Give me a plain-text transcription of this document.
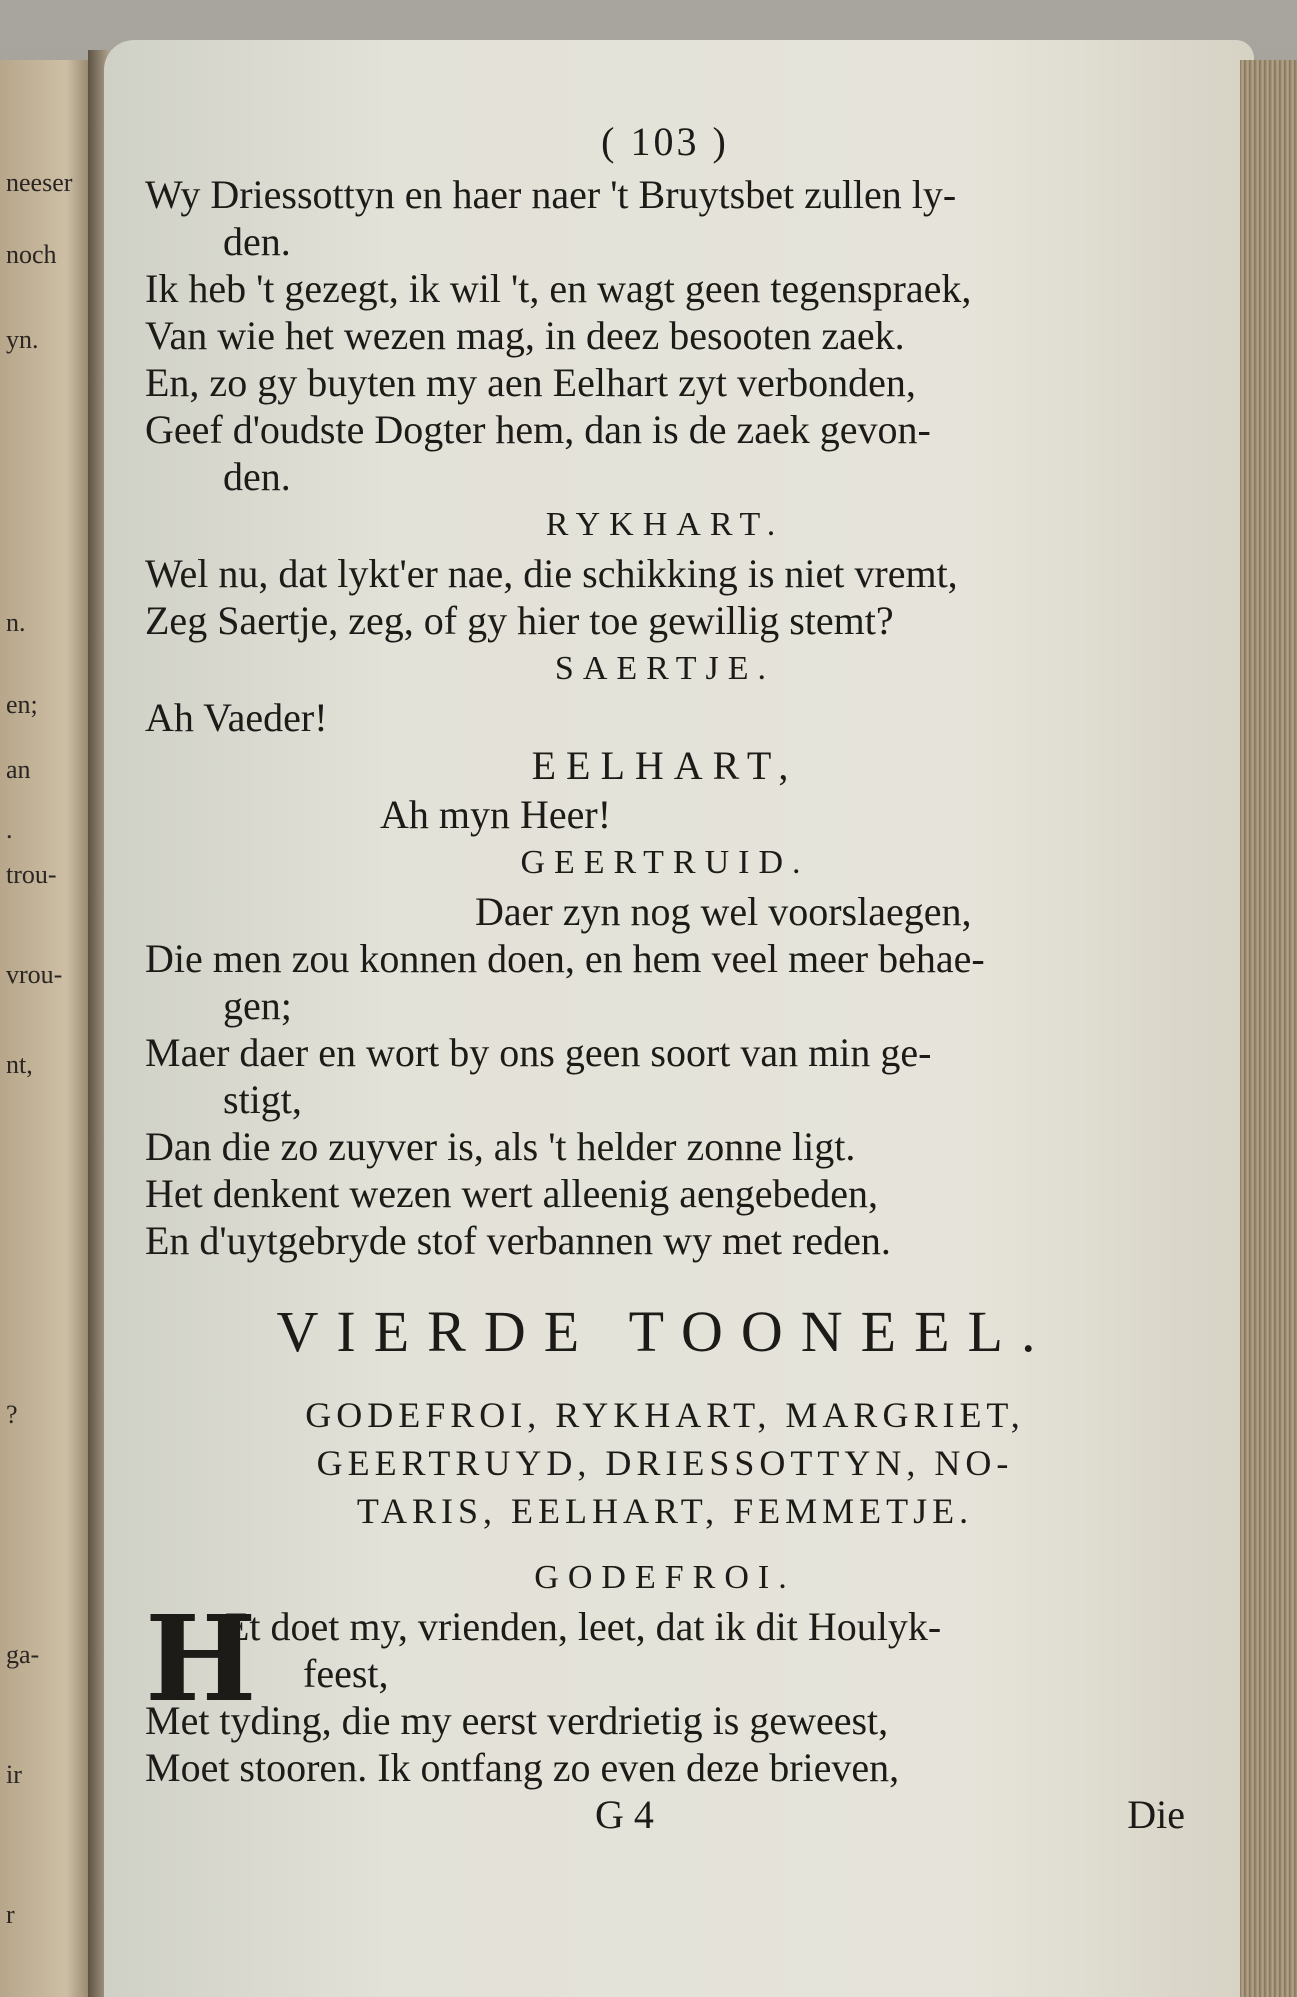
neeser
noch
yn.
n.
en;
an
.
trou-
vrou-
nt,
?
ga-
ir
r
( 103 )
Wy Driessottyn en haer naer 't Bruytsbet zullen ly-
den.
Ik heb 't gezegt, ik wil 't, en wagt geen tegenspraek,
Van wie het wezen mag, in deez besooten zaek.
En, zo gy buyten my aen Eelhart zyt verbonden,
Geef d'oudste Dogter hem, dan is de zaek gevon-
den.
RYKHART.
Wel nu, dat lykt'er nae, die schikking is niet vremt,
Zeg Saertje, zeg, of gy hier toe gewillig stemt?
SAERTJE.
Ah Vaeder!
EELHART,
Ah myn Heer!
GEERTRUID.
Daer zyn nog wel voorslaegen,
Die men zou konnen doen, en hem veel meer behae-
gen;
Maer daer en wort by ons geen soort van min ge-
stigt,
Dan die zo zuyver is, als 't helder zonne ligt.
Het denkent wezen wert alleenig aengebeden,
En d'uytgebryde stof verbannen wy met reden.
VIERDE TOONEEL.
GODEFROI, RYKHART, MARGRIET,
GEERTRUYD, DRIESSOTTYN, NO-
TARIS, EELHART, FEMMETJE.
GODEFROI.
H
Et doet my, vrienden, leet, dat ik dit Houlyk-
feest,
Met tyding, die my eerst verdrietig is geweest,
Moet stooren. Ik ontfang zo even deze brieven,
G 4	Die
